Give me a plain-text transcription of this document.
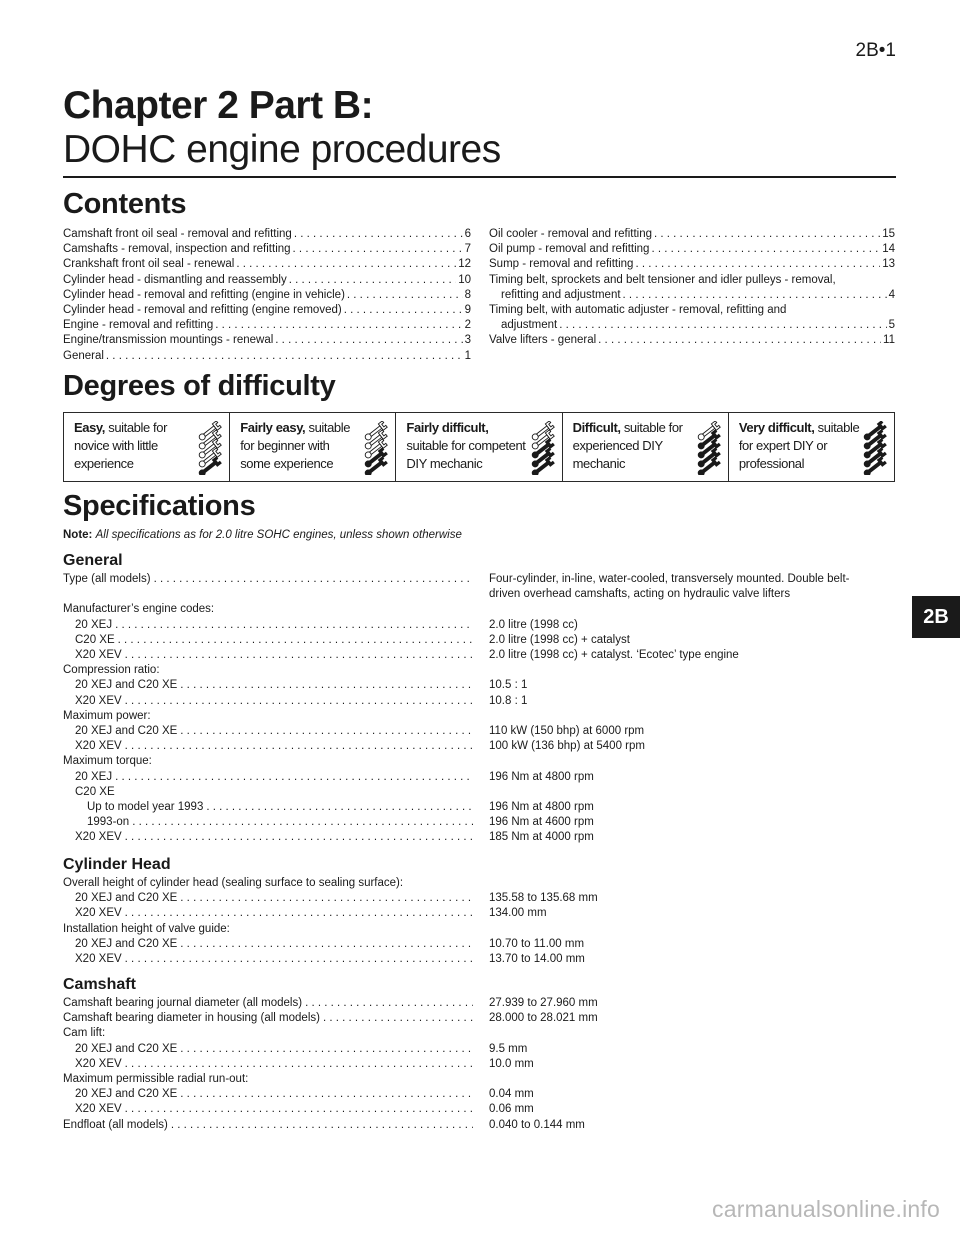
2B•1
Chapter 2 Part B:
DOHC engine procedures
Contents
Camshaft front oil seal - removal and refitting . . .	6
Camshafts - removal, inspection and refitting . . .	7
Crankshaft front oil seal - renewal . . .	12
Cylinder head - dismantling and reassembly . . .	10
Cylinder head - removal and refitting (engine in vehicle) . . .	8
Cylinder head - removal and refitting (engine removed) . . .	9
Engine - removal and refitting . . .	2
Engine/transmission mountings - renewal . . .	3
General . . .	1
Oil cooler - removal and refitting . . .	15
Oil pump - removal and refitting . . .	14
Sump - removal and refitting . . .	13
Timing belt, sprockets and belt tensioner and idler pulleys - removal,
refitting and adjustment . . .	4
Timing belt, with automatic adjuster - removal, refitting and
adjustment . . .	5
Valve lifters - general . . .	11
Degrees of difficulty
Easy, suitable for novice with little experience
Fairly easy, suitable for beginner with some experience
Fairly difficult, suitable for competent DIY mechanic
Difficult, suitable for experienced DIY mechanic
Very difficult, suitable for expert DIY or professional
Specifications
Note: All specifications as for 2.0 litre SOHC engines, unless shown otherwise
General
Type (all models) . . .	Four-cylinder, in-line, water-cooled, transversely mounted. Double belt-driven overhead camshafts, acting on hydraulic valve lifters
Manufacturer’s engine codes:
20 XEJ . . .	2.0 litre (1998 cc)
C20 XE . . .	2.0 litre (1998 cc) + catalyst
X20 XEV . . .	2.0 litre (1998 cc) + catalyst. ‘Ecotec’ type engine
Compression ratio:
20 XEJ and C20 XE . . .	10.5 : 1
X20 XEV . . .	10.8 : 1
Maximum power:
20 XEJ and C20 XE . . .	110 kW (150 bhp) at 6000 rpm
X20 XEV . . .	100 kW (136 bhp) at 5400 rpm
Maximum torque:
20 XEJ . . .	196 Nm at 4800 rpm
C20 XE
Up to model year 1993 . . .	196 Nm at 4800 rpm
1993-on . . .	196 Nm at 4600 rpm
X20 XEV . . .	185 Nm at 4000 rpm
Cylinder Head
Overall height of cylinder head (sealing surface to sealing surface):
20 XEJ and C20 XE . . .	135.58 to 135.68 mm
X20 XEV . . .	134.00 mm
Installation height of valve guide:
20 XEJ and C20 XE . . .	10.70 to 11.00 mm
X20 XEV . . .	13.70 to 14.00 mm
Camshaft
Camshaft bearing journal diameter (all models) . . .	27.939 to 27.960 mm
Camshaft bearing diameter in housing (all models) . . .	28.000 to 28.021 mm
Cam lift:
20 XEJ and C20 XE . . .	9.5 mm
X20 XEV . . .	10.0 mm
Maximum permissible radial run-out:
20 XEJ and C20 XE . . .	0.04 mm
X20 XEV . . .	0.06 mm
Endfloat (all models) . . .	0.040 to 0.144 mm
2B
carmanualsonline.info
